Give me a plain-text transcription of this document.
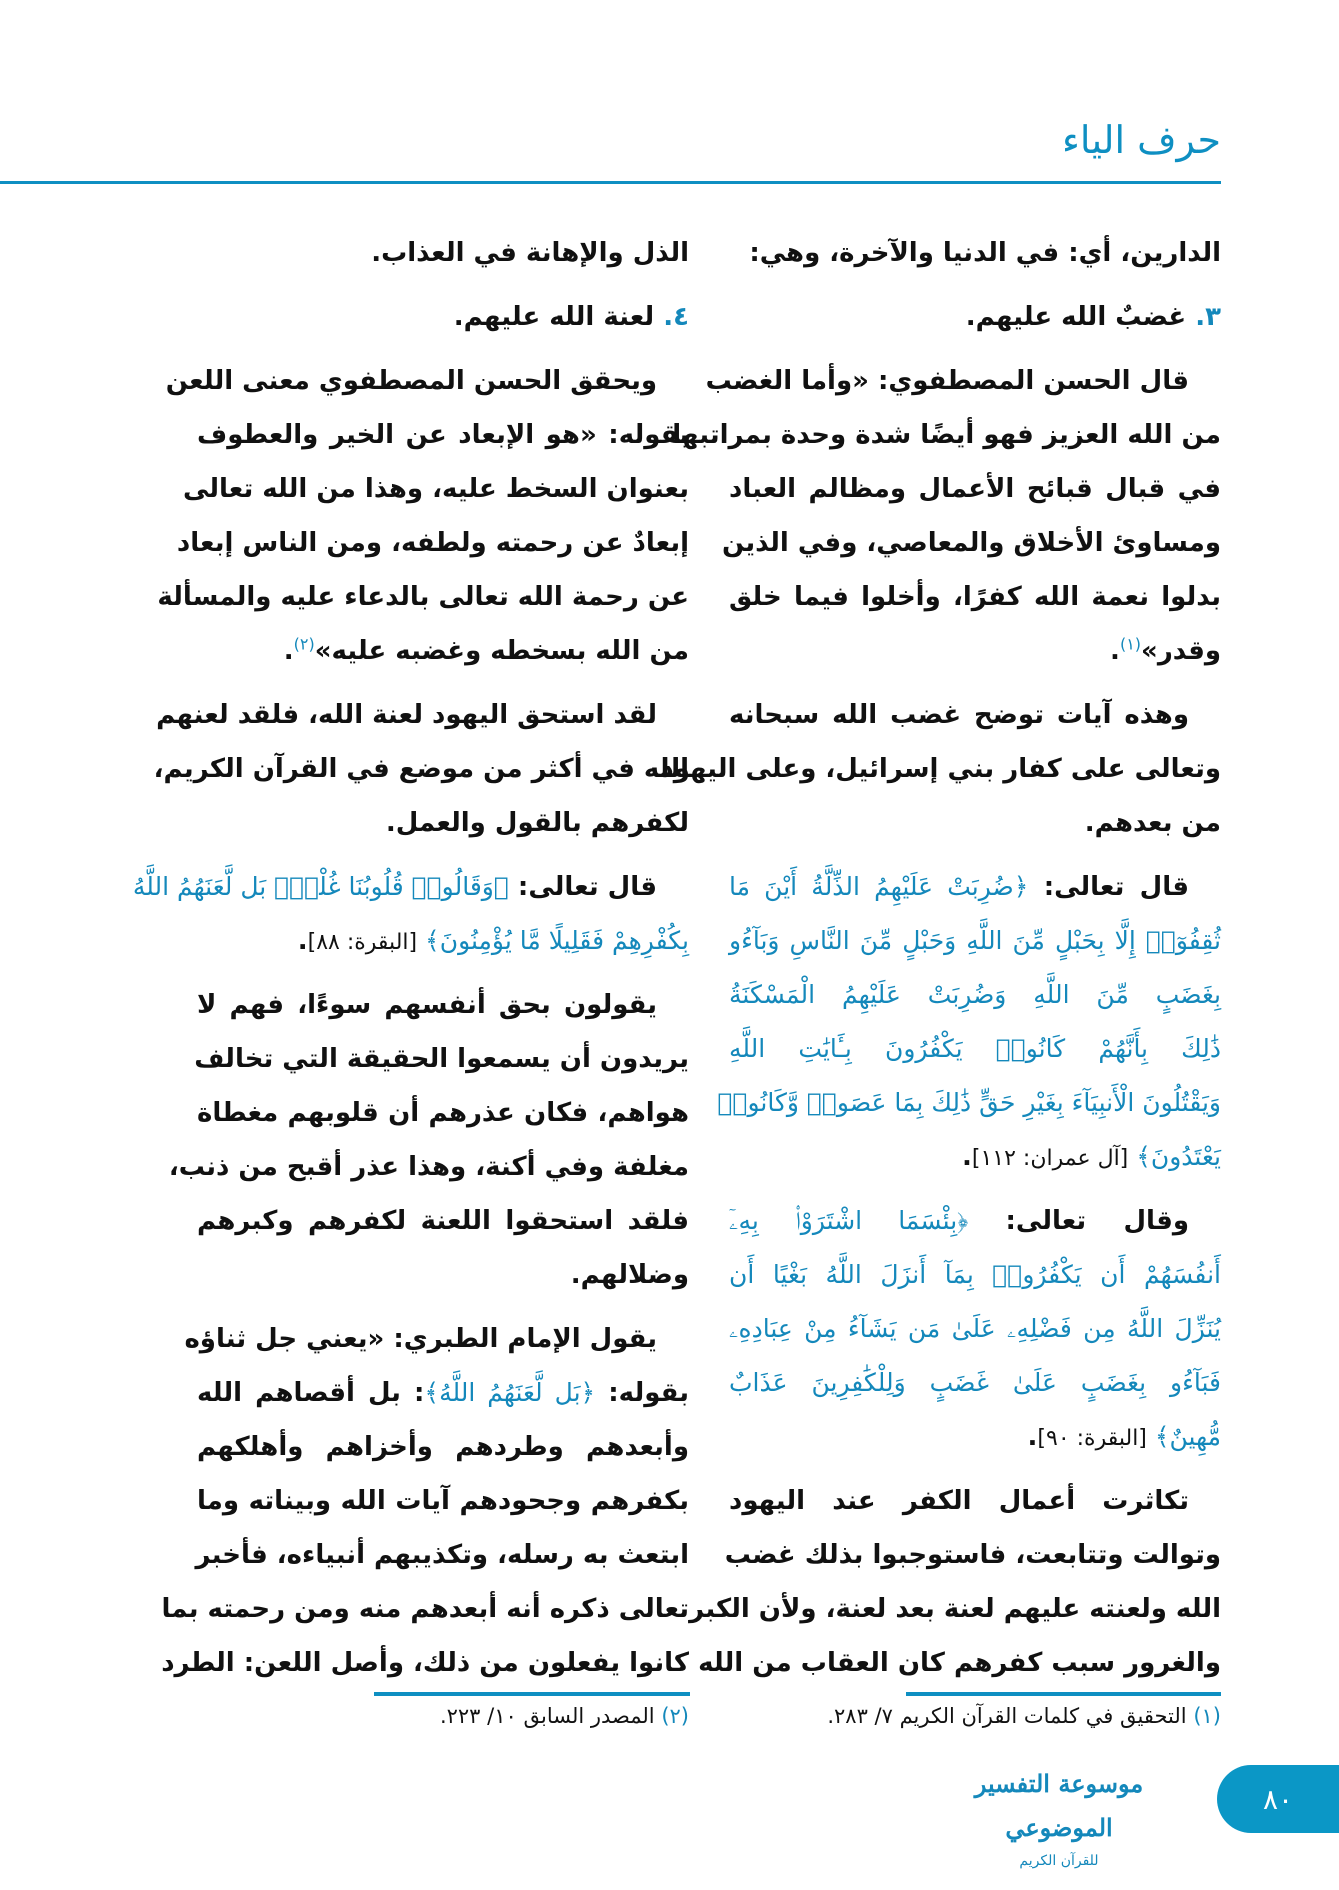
حرف الياء
الدارين، أي: في الدنيا والآخرة، وهي:
٣. غضبٌ الله عليهم.
قال الحسن المصطفوي: «وأما الغضب
من الله العزيز فهو أيضًا شدة وحدة بمراتبها
في قبال قبائح الأعمال ومظالم العباد
ومساوئ الأخلاق والمعاصي، وفي الذين
بدلوا نعمة الله كفرًا، وأخلوا فيما خلق
وقدر»$^{(١)}$.
وهذه آيات توضح غضب الله سبحانه
وتعالى على كفار بني إسرائيل، وعلى اليهود
من بعدهم.
قال تعالى: ﴿ضُرِبَتْ عَلَيْهِمُ الذِّلَّةُ أَيْنَ مَا
ثُقِفُوٓا۟ إِلَّا بِحَبْلٍ مِّنَ اللَّهِ وَحَبْلٍ مِّنَ النَّاسِ وَبَآءُو
بِغَضَبٍ مِّنَ اللَّهِ وَضُرِبَتْ عَلَيْهِمُ الْمَسْكَنَةُ
ذَٰلِكَ بِأَنَّهُمْ كَانُوا۟ يَكْفُرُونَ بِـَٔايَٰتِ اللَّهِ
وَيَقْتُلُونَ الْأَنبِيَآءَ بِغَيْرِ حَقٍّ ذَٰلِكَ بِمَا عَصَوا۟ وَّكَانُوا۟
يَعْتَدُونَ﴾ [آل عمران: ١١٢].
وقال تعالى: ﴿بِئْسَمَا اشْتَرَوْا۟ بِهِۦٓ
أَنفُسَهُمْ أَن يَكْفُرُوا۟ بِمَآ أَنزَلَ اللَّهُ بَغْيًا أَن
يُنَزِّلَ اللَّهُ مِن فَضْلِهِۦ عَلَىٰ مَن يَشَآءُ مِنْ عِبَادِهِۦ
فَبَآءُو بِغَضَبٍ عَلَىٰ غَضَبٍ وَلِلْكَٰفِرِينَ عَذَابٌ
مُّهِينٌ﴾ [البقرة: ٩٠].
تكاثرت أعمال الكفر عند اليهود
وتوالت وتتابعت، فاستوجبوا بذلك غضب
الله ولعنته عليهم لعنة بعد لعنة، ولأن الكبر
والغرور سبب كفرهم كان العقاب من الله
الذل والإهانة في العذاب.
٤. لعنة الله عليهم.
ويحقق الحسن المصطفوي معنى اللعن
بقوله: «هو الإبعاد عن الخير والعطوف
بعنوان السخط عليه، وهذا من الله تعالى
إبعادٌ عن رحمته ولطفه، ومن الناس إبعاد
عن رحمة الله تعالى بالدعاء عليه والمسألة
من الله بسخطه وغضبه عليه»$^{(٢)}$.
لقد استحق اليهود لعنة الله، فلقد لعنهم
الله في أكثر من موضع في القرآن الكريم،
لكفرهم بالقول والعمل.
قال تعالى: ﴿وَقَالُوا۟ قُلُوبُنَا غُلْفٌۢ بَل لَّعَنَهُمُ اللَّهُ
بِكُفْرِهِمْ فَقَلِيلًا مَّا يُؤْمِنُونَ﴾ [البقرة: ٨٨].
يقولون بحق أنفسهم سوءًا، فهم لا
يريدون أن يسمعوا الحقيقة التي تخالف
هواهم، فكان عذرهم أن قلوبهم مغطاة
مغلفة وفي أكنة، وهذا عذر أقبح من ذنب،
فلقد استحقوا اللعنة لكفرهم وكبرهم
وضلالهم.
يقول الإمام الطبري: «يعني جل ثناؤه
بقوله: ﴿بَل لَّعَنَهُمُ اللَّهُ﴾: بل أقصاهم الله
وأبعدهم وطردهم وأخزاهم وأهلكهم
بكفرهم وجحودهم آيات الله وبيناته وما
ابتعث به رسله، وتكذيبهم أنبياءه، فأخبر
تعالى ذكره أنه أبعدهم منه ومن رحمته بما
كانوا يفعلون من ذلك، وأصل اللعن: الطرد
(١) التحقيق في كلمات القرآن الكريم ٧/ ٢٨٣.
(٢) المصدر السابق ١٠/ ٢٢٣.
موسوعة التفسير الموضوعي
للقرآن الكريم
٨٠
